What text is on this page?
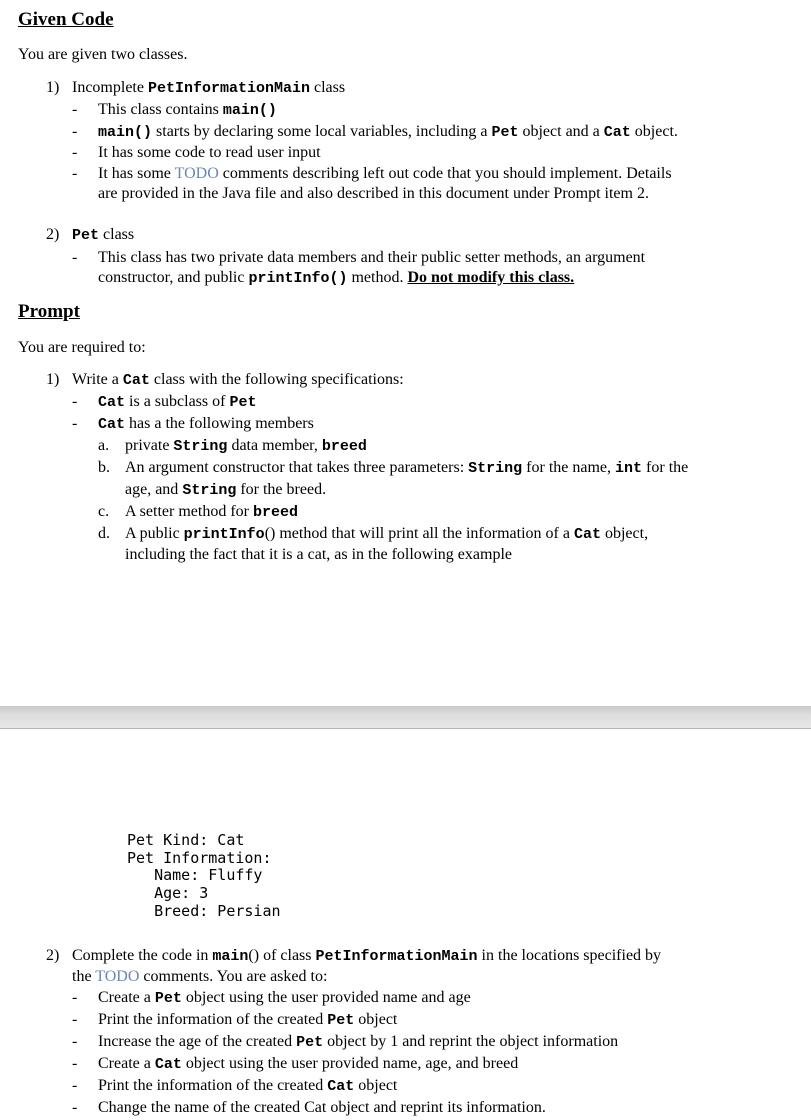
Given Code
You are given two classes.
1) Incomplete PetInformationMain class
- This class contains main()
- main() starts by declaring some local variables, including a Pet object and a Cat object.
- It has some code to read user input
- It has some TODO comments describing left out code that you should implement. Details
are provided in the Java file and also described in this document under Prompt item 2.
2) Pet class
- This class has two private data members and their public setter methods, an argument
constructor, and public printInfo() method. Do not modify this class.
Prompt
You are required to:
1) Write a Cat class with the following specifications:
- Cat is a subclass of Pet
- Cat has a the following members
a. private String data member, breed
b. An argument constructor that takes three parameters: String for the name, int for the
age, and String for the breed.
c. A setter method for breed
d. A public printInfo() method that will print all the information of a Cat object,
including the fact that it is a cat, as in the following example
Pet Kind: Cat
Pet Information:
Name: Fluffy
Age: 3
Breed: Persian
2) Complete the code in main() of class PetInformationMain in the locations specified by
the TODO comments. You are asked to:
- Create a Pet object using the user provided name and age
- Print the information of the created Pet object
- Increase the age of the created Pet object by 1 and reprint the object information
- Create a Cat object using the user provided name, age, and breed
- Print the information of the created Cat object
- Change the name of the created Cat object and reprint its information.
